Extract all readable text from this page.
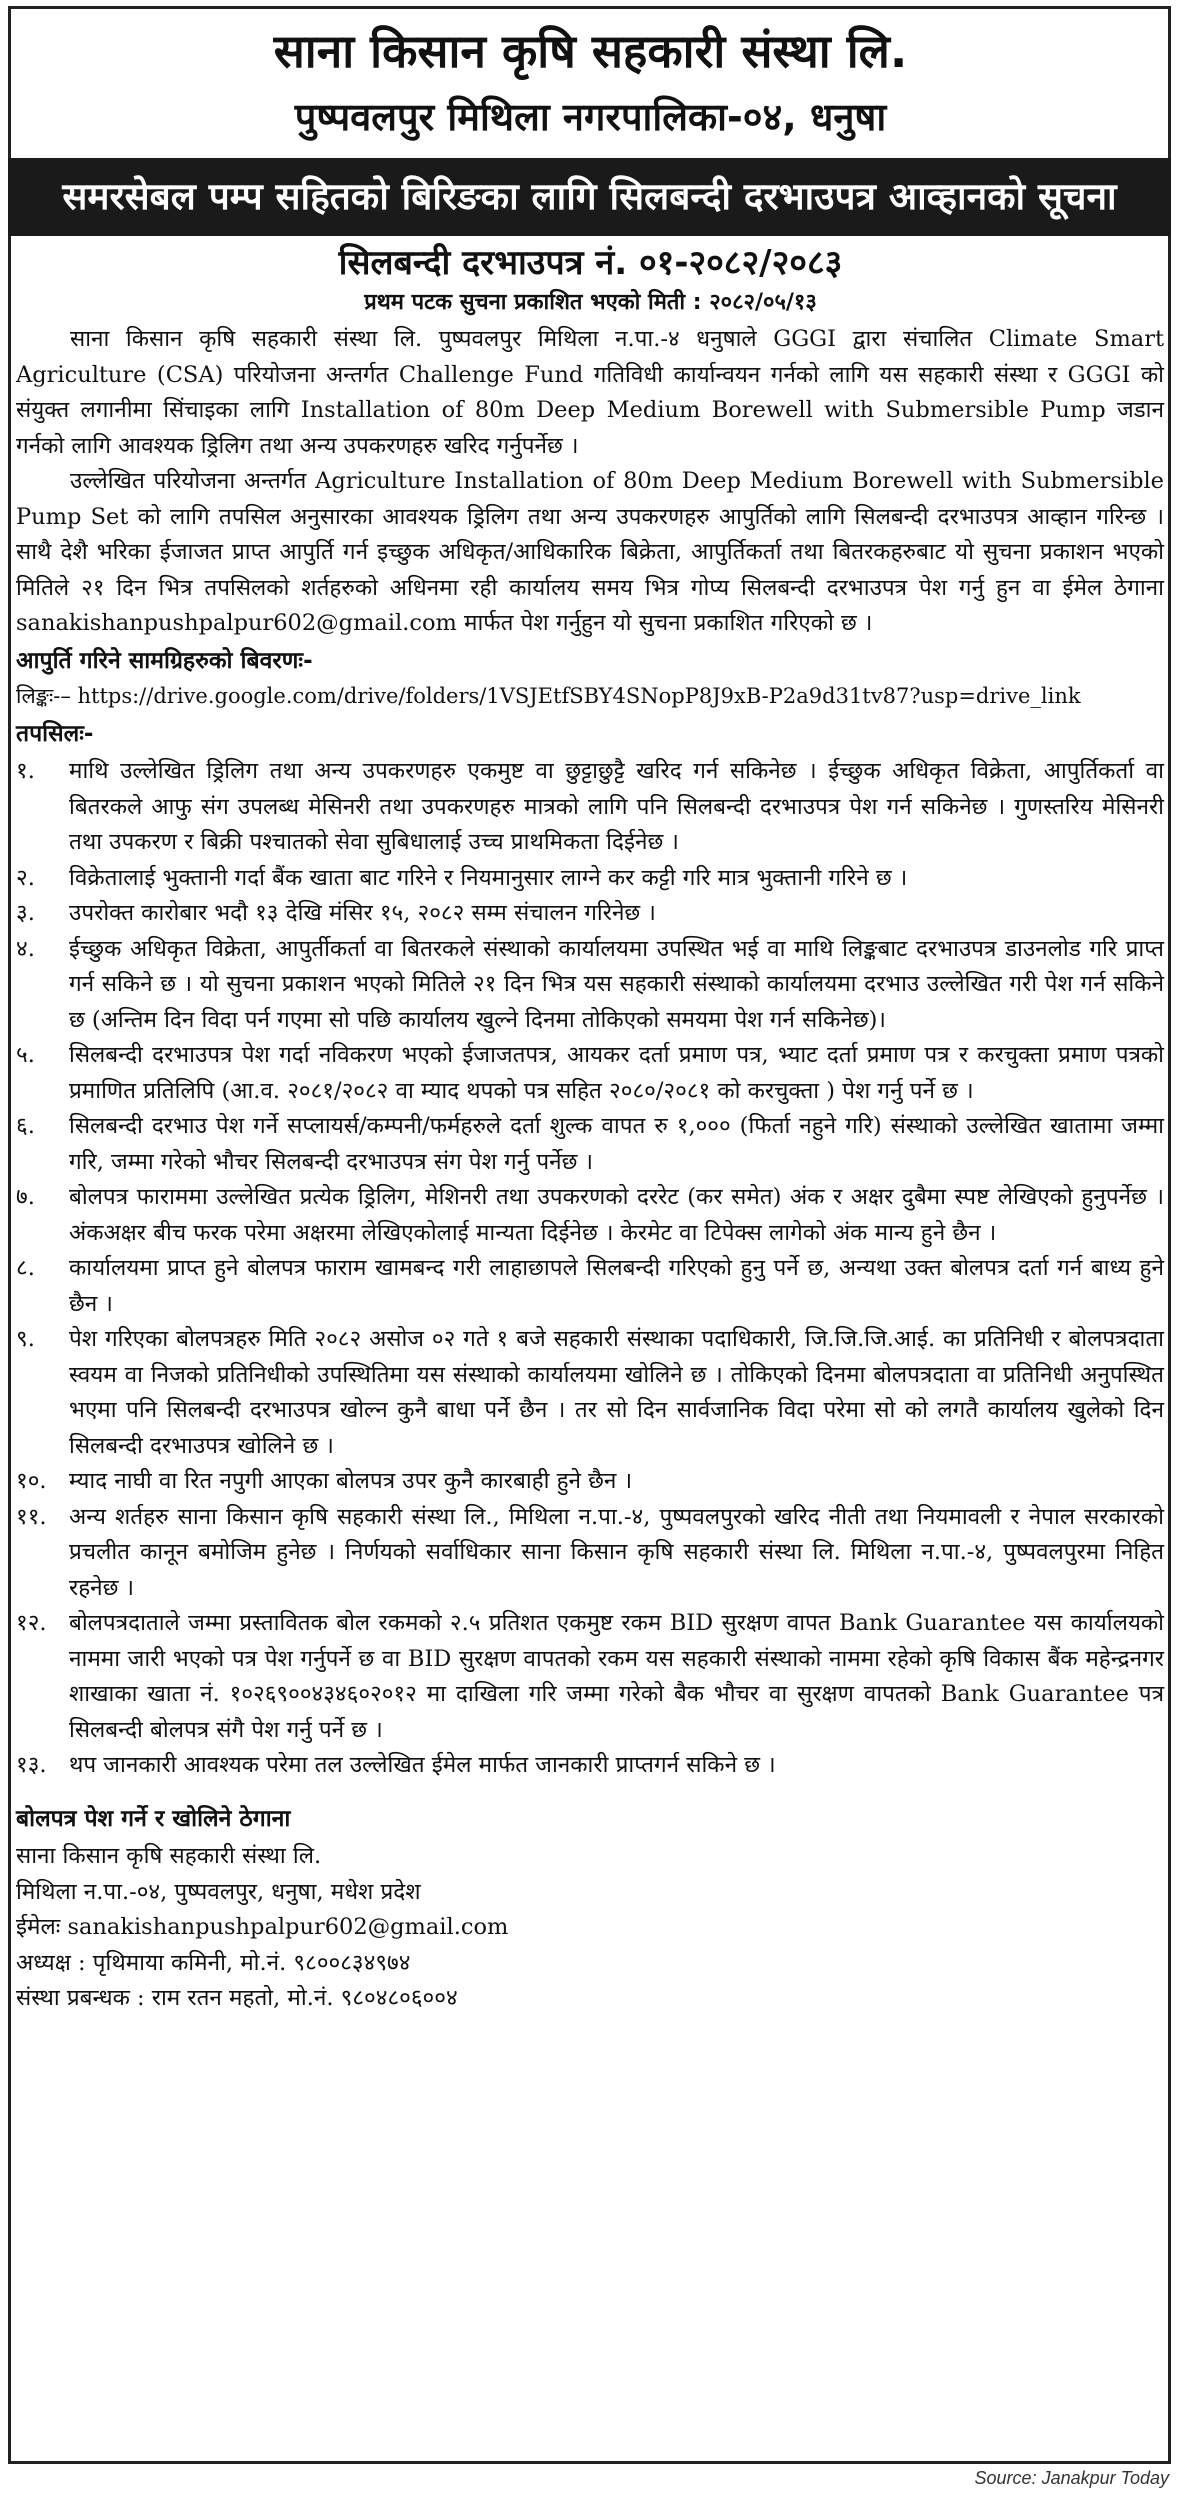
साना किसान कृषि सहकारी संस्था लि.
पुष्पवलपुर मिथिला नगरपालिका-०४, धनुषा
समरसेबल पम्प सहितको बिरिङका लागि सिलबन्दी दरभाउपत्र आव्हानको सूचना
सिलबन्दी दरभाउपत्र नं. ०१-२०८२/२०८३
प्रथम पटक सुचना प्रकाशित भएको मिती : २०८२/०५/१३

साना किसान कृषि सहकारी संस्था लि. पुष्पवलपुर मिथिला न.पा.-४ धनुषाले GGGI द्वारा संचालित Climate Smart Agriculture (CSA) परियोजना अन्तर्गत Challenge Fund गतिविधी कार्यान्वयन गर्नको लागि यस सहकारी संस्था र GGGI को संयुक्त लगानीमा सिंचाइका लागि Installation of 80m Deep Medium Borewell with Submersible Pump जडान गर्नको लागि आवश्यक ड्रिलिग तथा अन्य उपकरणहरु खरिद गर्नुपर्नेछ ।

उल्लेखित परियोजना अन्तर्गत Agriculture Installation of 80m Deep Medium Borewell with Submersible Pump Set को लागि तपसिल अनुसारका आवश्यक ड्रिलिग तथा अन्य उपकरणहरु आपुर्तिको लागि सिलबन्दी दरभाउपत्र आव्हान गरिन्छ । साथै देशै भरिका ईजाजत प्राप्त आपुर्ति गर्न इच्छुक अधिकृत/आधिकारिक बिक्रेता, आपुर्तिकर्ता तथा बितरकहरुबाट यो सुचना प्रकाशन भएको मितिले २१ दिन भित्र तपसिलको शर्तहरुको अधिनमा रही कार्यालय समय भित्र गोप्य सिलबन्दी दरभाउपत्र पेश गर्नु हुन वा ईमेल ठेगाना sanakishanpushpalpur602@gmail.com मार्फत पेश गर्नुहुन यो सुचना प्रकाशित गरिएको छ ।

आपुर्ति गरिने सामग्रिहरुको बिवरणः-

लिङ्कः-– https://drive.google.com/drive/folders/1VSJEtfSBY4SNopP8J9xB-P2a9d31tv87?usp=drive_link

तपसिलः-

१.	माथि उल्लेखित ड्रिलिग तथा अन्य उपकरणहरु एकमुष्ट वा छुट्टाछुट्टै खरिद गर्न सकिनेछ । ईच्छुक अधिकृत विक्रेता, आपुर्तिकर्ता वा बितरकले आफु संग उपलब्ध मेसिनरी तथा उपकरणहरु मात्रको लागि पनि सिलबन्दी दरभाउपत्र पेश गर्न सकिनेछ । गुणस्तरिय मेसिनरी तथा उपकरण र बिक्री पश्चातको सेवा सुबिधालाई उच्च प्राथमिकता दिईनेछ ।
२.	विक्रेतालाई भुक्तानी गर्दा बैंक खाता बाट गरिने र नियमानुसार लाग्ने कर कट्टी गरि मात्र भुक्तानी गरिने छ ।
३.	उपरोक्त कारोबार भदौ १३ देखि मंसिर १५, २०८२ सम्म संचालन गरिनेछ ।
४.	ईच्छुक अधिकृत विक्रेता, आपुर्तीकर्ता वा बितरकले संस्थाको कार्यालयमा उपस्थित भई वा माथि लिङ्कबाट दरभाउपत्र डाउनलोड गरि प्राप्त गर्न सकिने छ । यो सुचना प्रकाशन भएको मितिले २१ दिन भित्र यस सहकारी संस्थाको कार्यालयमा दरभाउ उल्लेखित गरी पेश गर्न सकिने छ (अन्तिम दिन विदा पर्न गएमा सो पछि कार्यालय खुल्ने दिनमा तोकिएको समयमा पेश गर्न सकिनेछ)।
५.	सिलबन्दी दरभाउपत्र पेश गर्दा नविकरण भएको ईजाजतपत्र, आयकर दर्ता प्रमाण पत्र, भ्याट दर्ता प्रमाण पत्र र करचुक्ता प्रमाण पत्रको प्रमाणित प्रतिलिपि (आ.व. २०८१/२०८२ वा म्याद थपको पत्र सहित २०८०/२०८१ को करचुक्ता ) पेश गर्नु पर्ने छ ।
६.	सिलबन्दी दरभाउ पेश गर्ने सप्लायर्स/कम्पनी/फर्महरुले दर्ता शुल्क वापत रु १,००० (फिर्ता नहुने गरि) संस्थाको उल्लेखित खातामा जम्मा गरि, जम्मा गरेको भौचर सिलबन्दी दरभाउपत्र संग पेश गर्नु पर्नेछ ।
७.	बोलपत्र फाराममा उल्लेखित प्रत्येक ड्रिलिग, मेशिनरी तथा उपकरणको दररेट (कर समेत) अंक र अक्षर दुबैमा स्पष्ट लेखिएको हुनुपर्नेछ । अंकअक्षर बीच फरक परेमा अक्षरमा लेखिएकोलाई मान्यता दिईनेछ । केरमेट वा टिपेक्स लागेको अंक मान्य हुने छैन ।
८.	कार्यालयमा प्राप्त हुने बोलपत्र फाराम खामबन्द गरी लाहाछापले सिलबन्दी गरिएको हुनु पर्ने छ, अन्यथा उक्त बोलपत्र दर्ता गर्न बाध्य हुने छैन ।
९.	पेश गरिएका बोलपत्रहरु मिति २०८२ असोज ०२ गते १ बजे सहकारी संस्थाका पदाधिकारी, जि.जि.जि.आई. का प्रतिनिधी र बोलपत्रदाता स्वयम वा निजको प्रतिनिधीको उपस्थितिमा यस संस्थाको कार्यालयमा खोलिने छ । तोकिएको दिनमा बोलपत्रदाता वा प्रतिनिधी अनुपस्थित भएमा पनि सिलबन्दी दरभाउपत्र खोल्न कुनै बाधा पर्ने छैन । तर सो दिन सार्वजानिक विदा परेमा सो को लगतै कार्यालय खुलेको दिन सिलबन्दी दरभाउपत्र खोलिने छ ।
१०. म्याद नाघी वा रित नपुगी आएका बोलपत्र उपर कुनै कारबाही हुने छैन ।
११. अन्य शर्तहरु साना किसान कृषि सहकारी संस्था लि., मिथिला न.पा.-४, पुष्पवलपुरको खरिद नीती तथा नियमावली र नेपाल सरकारको प्रचलीत कानून बमोजिम हुनेछ । निर्णयको सर्वाधिकार साना किसान कृषि सहकारी संस्था लि. मिथिला न.पा.-४, पुष्पवलपुरमा निहित रहनेछ ।
१२. बोलपत्रदाताले जम्मा प्रस्तावितक बोल रकमको २.५ प्रतिशत एकमुष्ट रकम BID सुरक्षण वापत Bank Guarantee यस कार्यालयको नाममा जारी भएको पत्र पेश गर्नुपर्ने छ वा BID सुरक्षण वापतको रकम यस सहकारी संस्थाको नाममा रहेको कृषि विकास बैंक महेन्द्रनगर शाखाका खाता नं. १०२६९००४३४६०२०१२ मा दाखिला गरि जम्मा गरेको बैक भौचर वा सुरक्षण वापतको Bank Guarantee पत्र सिलबन्दी बोलपत्र संगै पेश गर्नु पर्ने छ ।
१३. थप जानकारी आवश्यक परेमा तल उल्लेखित ईमेल मार्फत जानकारी प्राप्तगर्न सकिने छ ।

बोलपत्र पेश गर्ने र खोलिने ठेगाना

साना किसान कृषि सहकारी संस्था लि.

मिथिला न.पा.-०४, पुष्पवलपुर, धनुषा, मधेश प्रदेश

ईमेलः sanakishanpushpalpur602@gmail.com

अध्यक्ष : पृथिमाया कमिनी, मो.नं. ९८००८३४९७४

संस्था प्रबन्धक : राम रतन महतो, मो.नं. ९८०४८०६००४

Source: Janakpur Today
